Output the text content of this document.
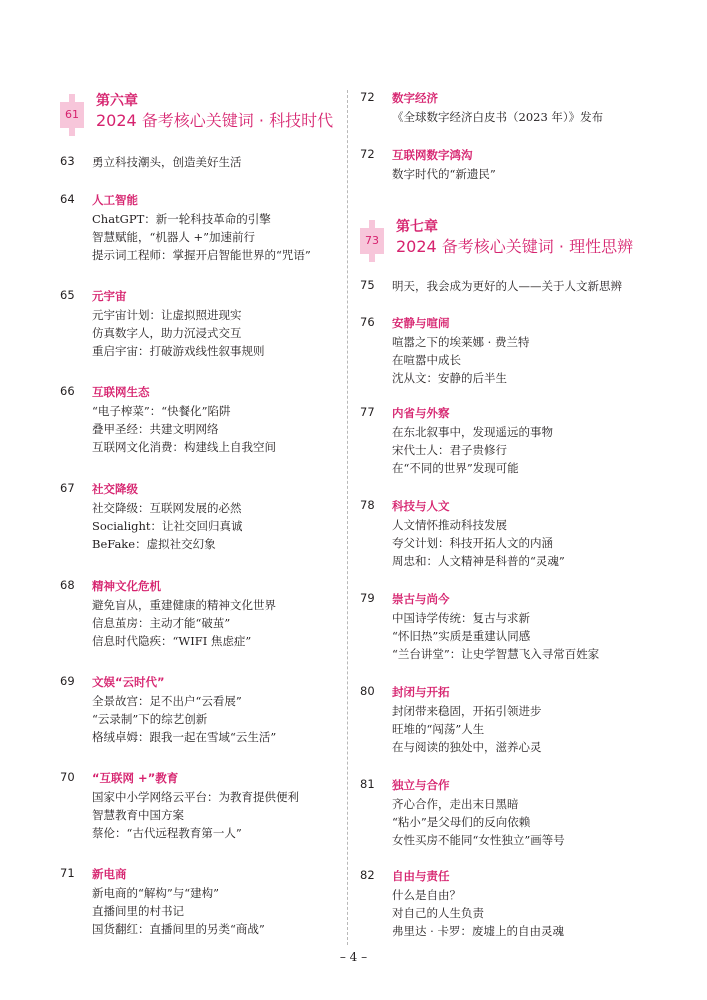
61
第六章
2024 备考核心关键词 · 科技时代
63 勇立科技潮头，创造美好生活
64 人工智能
ChatGPT：新一轮科技革命的引擎
智慧赋能，“机器人 +”加速前行
提示词工程师：掌握开启智能世界的“咒语”
65 元宇宙
元宇宙计划：让虚拟照进现实
仿真数字人，助力沉浸式交互
重启宇宙：打破游戏线性叙事规则
66 互联网生态
“电子榨菜”：“快餐化”陷阱
叠甲圣经：共建文明网络
互联网文化消费：构建线上自我空间
67 社交降级
社交降级：互联网发展的必然
Socialight：让社交回归真诚
BeFake：虚拟社交幻象
68 精神文化危机
避免盲从，重建健康的精神文化世界
信息茧房：主动才能“破茧”
信息时代隐疾：“WIFI 焦虑症”
69 文娱“云时代”
全景故宫：足不出户“云看展”
“云录制”下的综艺创新
格绒卓姆：跟我一起在雪域“云生活”
70 “互联网 +”教育
国家中小学网络云平台：为教育提供便利
智慧教育中国方案
蔡伦：“古代远程教育第一人”
71 新电商
新电商的“解构”与“建构”
直播间里的村书记
国货翻红：直播间里的另类“商战”
72 数字经济
《全球数字经济白皮书（2023 年）》发布
72 互联网数字鸿沟
数字时代的“新遗民”
73
第七章
2024 备考核心关键词 · 理性思辨
75 明天，我会成为更好的人——关于人文新思辨
76 安静与喧闹
喧嚣之下的埃莱娜 · 费兰特
在喧嚣中成长
沈从文：安静的后半生
77 内省与外察
在东北叙事中，发现遥远的事物
宋代士人：君子贵修行
在“不同的世界”发现可能
78 科技与人文
人文情怀推动科技发展
夸父计划：科技开拓人文的内涵
周忠和：人文精神是科普的“灵魂”
79 崇古与尚今
中国诗学传统：复古与求新
“怀旧热”实质是重建认同感
“兰台讲堂”：让史学智慧飞入寻常百姓家
80 封闭与开拓
封闭带来稳固，开拓引领进步
旺堆的“闯荡”人生
在与阅读的独处中，滋养心灵
81 独立与合作
齐心合作，走出末日黑暗
“粘小”是父母们的反向依赖
女性买房不能同“女性独立”画等号
82 自由与责任
什么是自由？
对自己的人生负责
弗里达 · 卡罗：废墟上的自由灵魂
– 4 –
